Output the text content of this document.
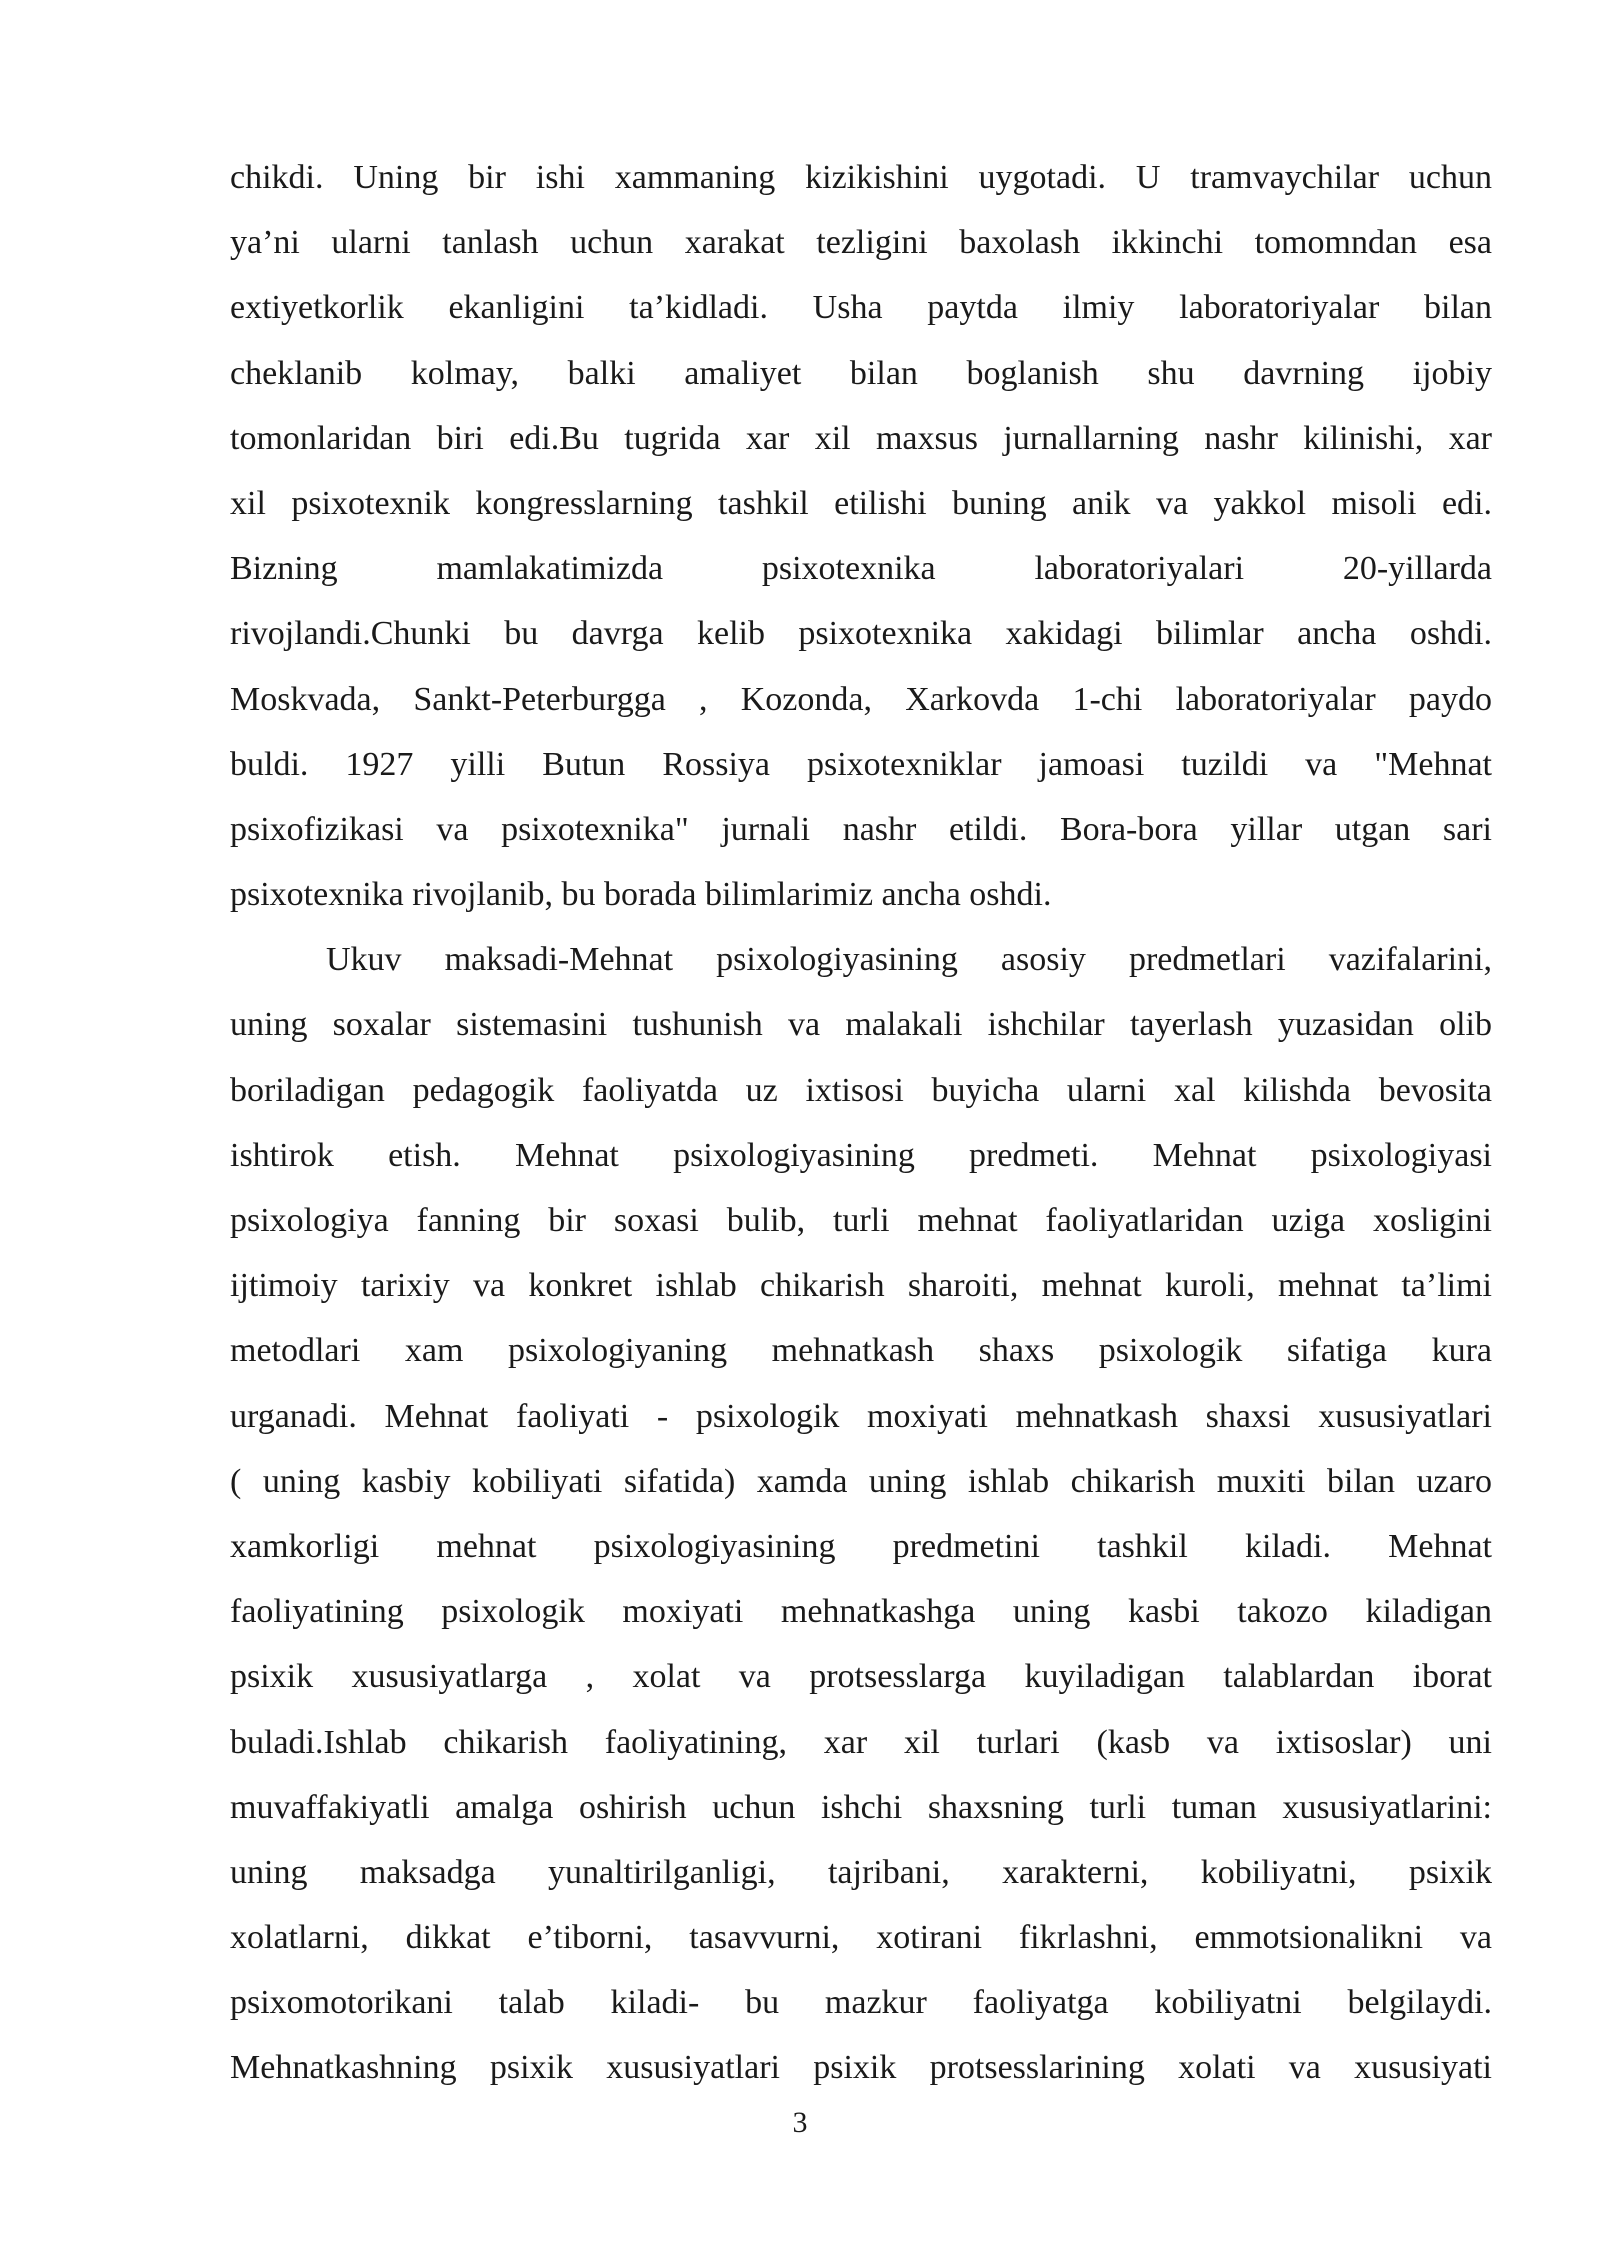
chikdi. Uning bir ishi xammaning kizikishini uygotadi. U tramvaychilar uchun
ya’ni ularni tanlash uchun xarakat tezligini baxolash ikkinchi tomomndan esa
extiyetkorlik ekanligini ta’kidladi. Usha paytda ilmiy laboratoriyalar bilan
cheklanib kolmay, balki amaliyet bilan boglanish shu davrning ijobiy
tomonlaridan biri edi.Bu tugrida xar xil maxsus jurnallarning nashr kilinishi, xar
xil psixotexnik kongresslarning tashkil etilishi buning anik va yakkol misoli edi.
Bizning mamlakatimizda psixotexnika laboratoriyalari 20-yillarda
rivojlandi.Chunki bu davrga kelib psixotexnika xakidagi bilimlar ancha oshdi.
Moskvada, Sankt-Peterburgga , Kozonda, Xarkovda 1-chi laboratoriyalar paydo
buldi. 1927 yilli Butun Rossiya psixotexniklar jamoasi tuzildi va "Mehnat
psixofizikasi va psixotexnika" jurnali nashr etildi. Bora-bora yillar utgan sari
psixotexnika rivojlanib, bu borada bilimlarimiz ancha oshdi.
Ukuv maksadi-Mehnat psixologiyasining asosiy predmetlari vazifalarini,
uning soxalar sistemasini tushunish va malakali ishchilar tayerlash yuzasidan olib
boriladigan pedagogik faoliyatda uz ixtisosi buyicha ularni xal kilishda bevosita
ishtirok etish. Mehnat psixologiyasining predmeti. Mehnat psixologiyasi
psixologiya fanning bir soxasi bulib, turli mehnat faoliyatlaridan uziga xosligini
ijtimoiy tarixiy va konkret ishlab chikarish sharoiti, mehnat kuroli, mehnat ta’limi
metodlari xam psixologiyaning mehnatkash shaxs psixologik sifatiga kura
urganadi. Mehnat faoliyati - psixologik moxiyati mehnatkash shaxsi xususiyatlari
( uning kasbiy kobiliyati sifatida) xamda uning ishlab chikarish muxiti bilan uzaro
xamkorligi mehnat psixologiyasining predmetini tashkil kiladi. Mehnat
faoliyatining psixologik moxiyati mehnatkashga uning kasbi takozo kiladigan
psixik xususiyatlarga , xolat va protsesslarga kuyiladigan talablardan iborat
buladi.Ishlab chikarish faoliyatining, xar xil turlari (kasb va ixtisoslar) uni
muvaffakiyatli amalga oshirish uchun ishchi shaxsning turli tuman xususiyatlarini:
uning maksadga yunaltirilganligi, tajribani, xarakterni, kobiliyatni, psixik
xolatlarni, dikkat e’tiborni, tasavvurni, xotirani fikrlashni, emmotsionalikni va
psixomotorikani talab kiladi- bu mazkur faoliyatga kobiliyatni belgilaydi.
Mehnatkashning psixik xususiyatlari psixik protsesslarining xolati va xususiyati
3
